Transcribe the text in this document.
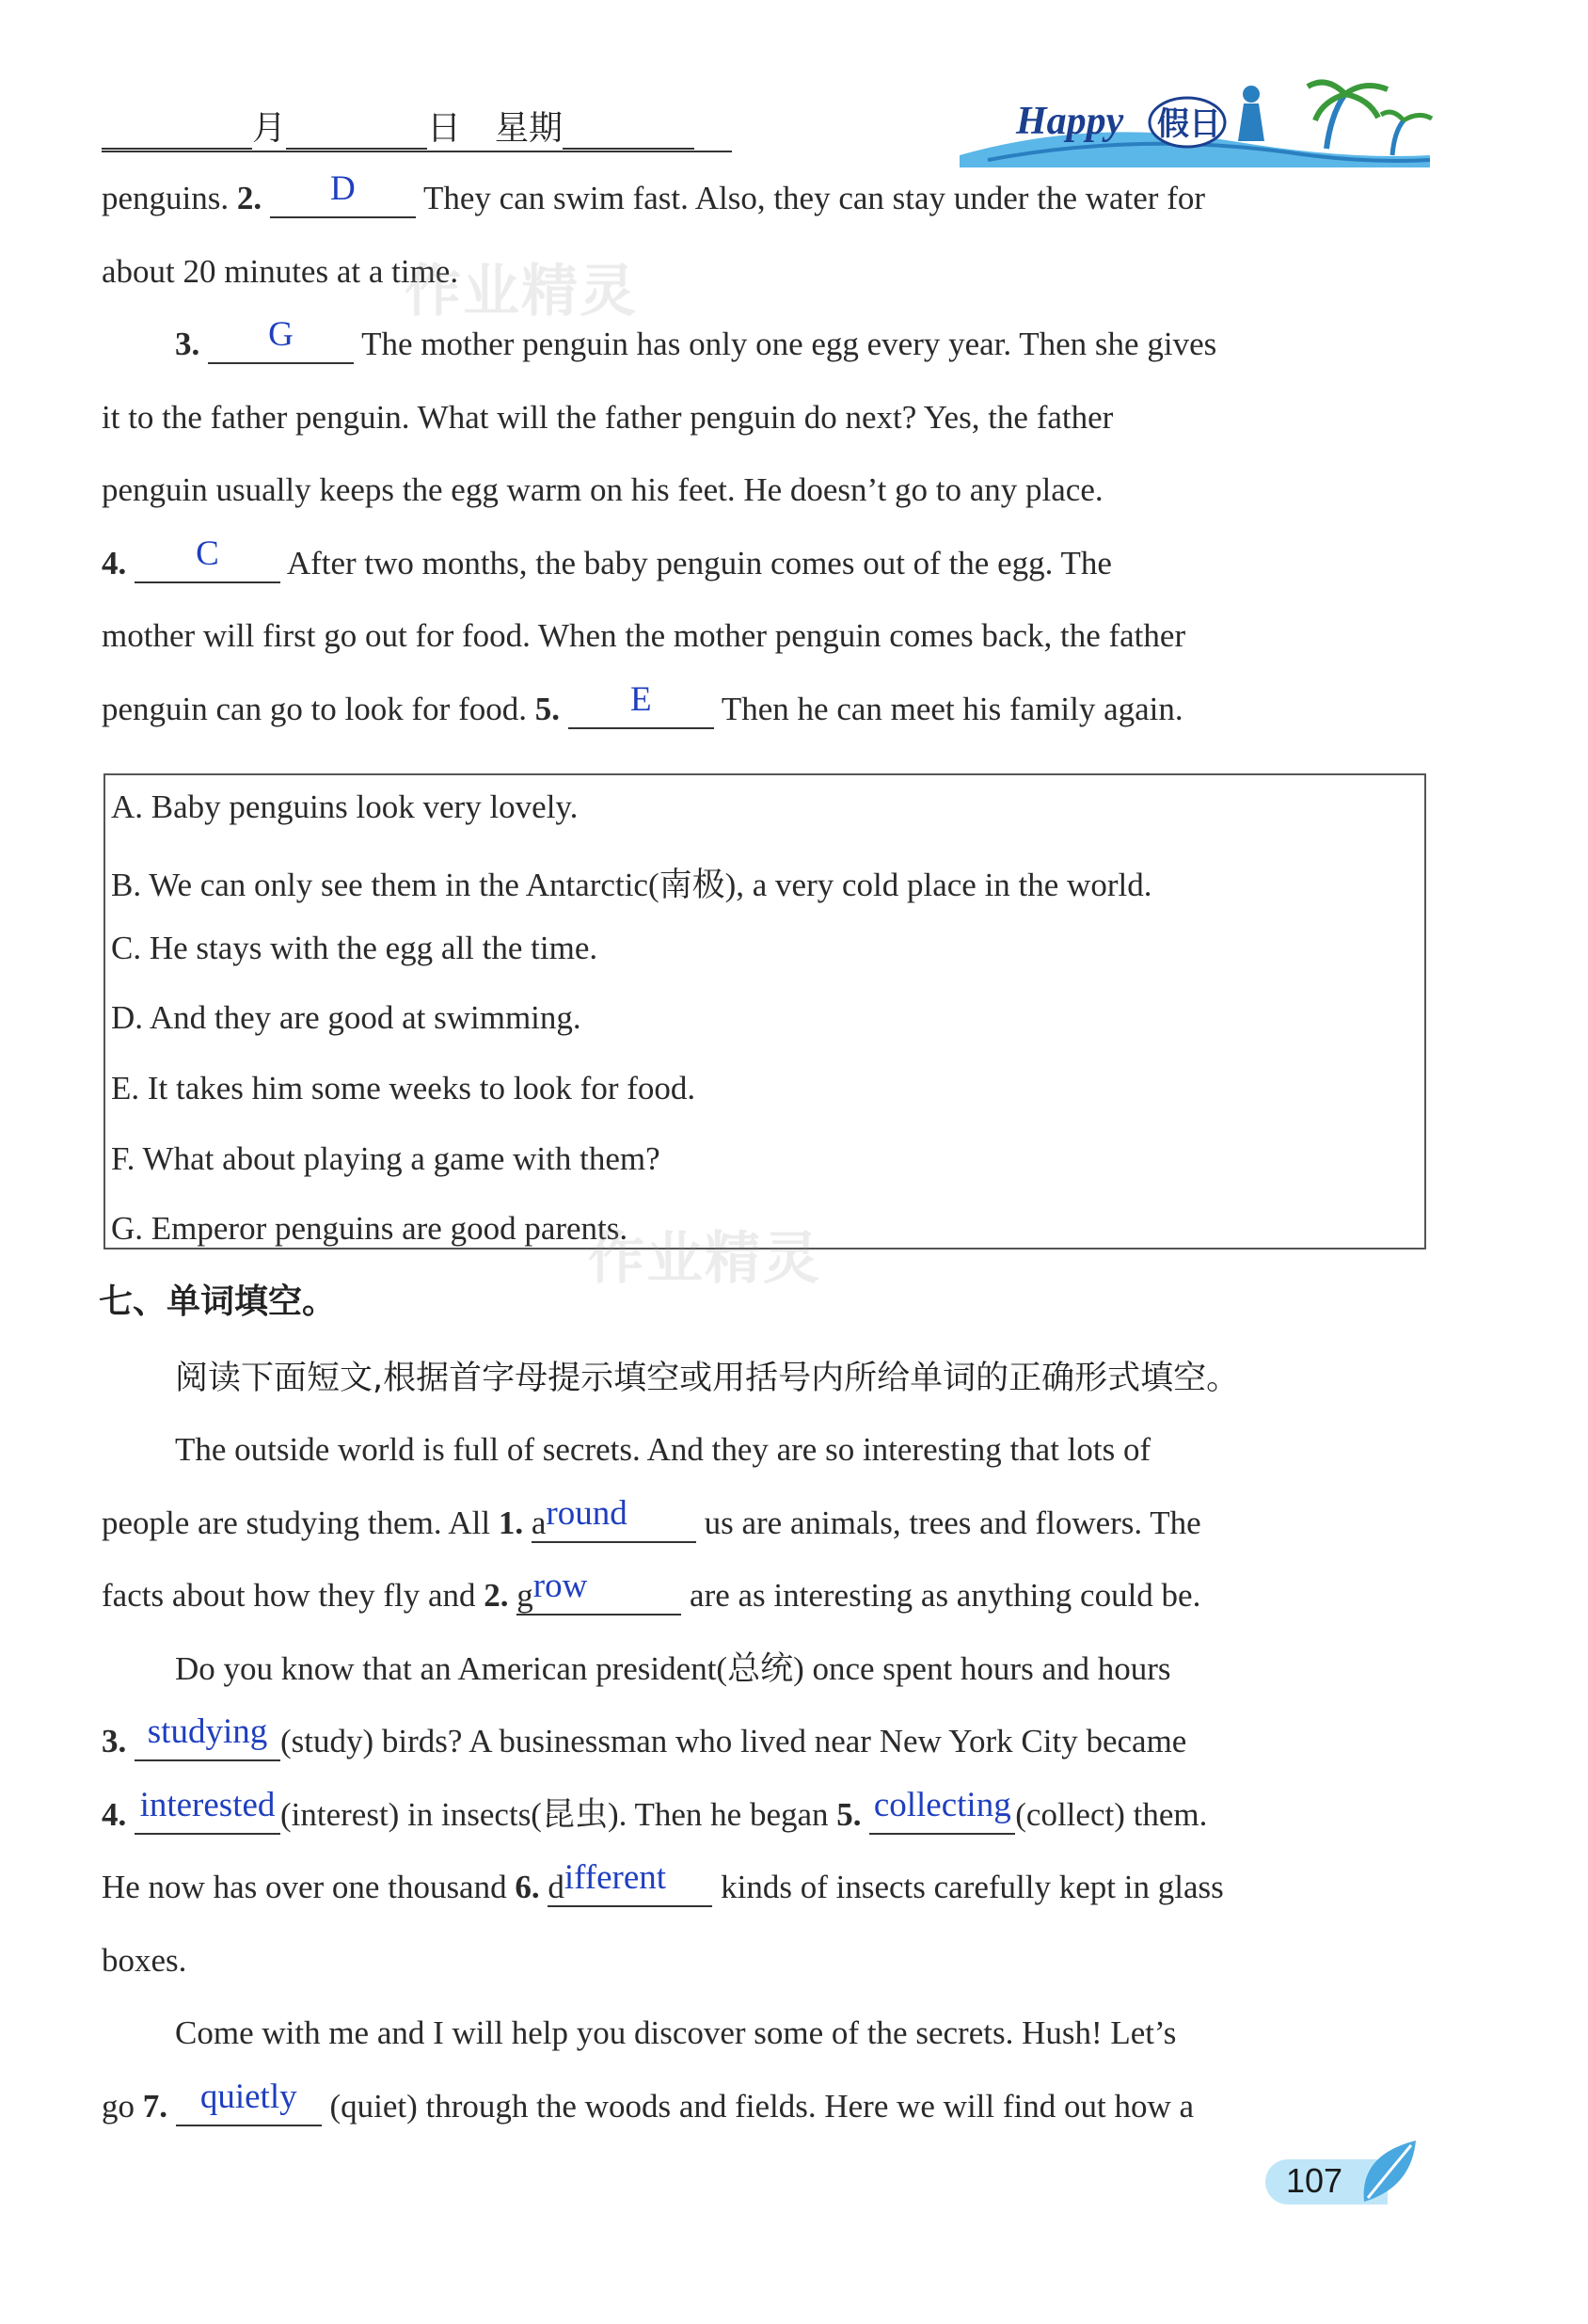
月	日 星期	Happy 假日

penguins. 2. D They can swim fast. Also, they can stay under the water for

about 20 minutes at a time.

3. G The mother penguin has only one egg every year. Then she gives

it to the father penguin. What will the father penguin do next? Yes, the father

penguin usually keeps the egg warm on his feet. He doesn’t go to any place.

4. C After two months, the baby penguin comes out of the egg. The

mother will first go out for food. When the mother penguin comes back, the father

penguin can go to look for food. 5. E Then he can meet his family again.

A. Baby penguins look very lovely.
B. We can only see them in the Antarctic(南极), a very cold place in the world.
C. He stays with the egg all the time.
D. And they are good at swimming.
E. It takes him some weeks to look for food.
F. What about playing a game with them?
G. Emperor penguins are good parents.
七、单词填空。
阅读下面短文,根据首字母提示填空或用括号内所给单词的正确形式填空。

The outside world is full of secrets. And they are so interesting that lots of

people are studying them. All 1. around us are animals, trees and flowers. The

facts about how they fly and 2. grow	are as interesting as anything could be.

Do you know that an American president(总统) once spent hours and hours

3. studying (study) birds? A businessman who lived near New York City became

4. interested (interest) in insects(昆虫). Then he began 5. collecting (collect) them.

He now has over one thousand 6. different kinds of insects carefully kept in glass

boxes.

Come with me and I will help you discover some of the secrets. Hush! Let’s

go 7. quietly (quiet) through the woods and fields. Here we will find out how a

107
作业精灵
作业精灵
